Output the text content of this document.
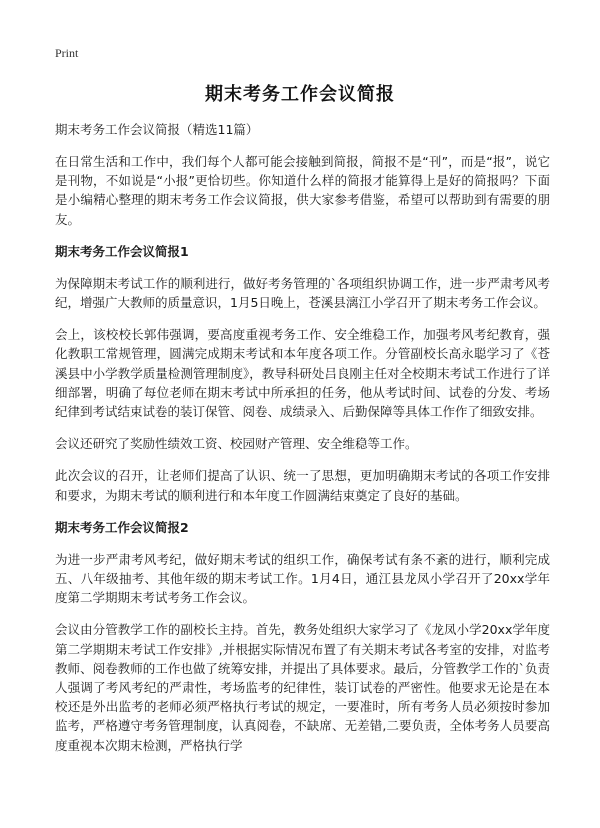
Print
期末考务工作会议简报

期末考务工作会议简报（精选11篇）

在日常生活和工作中，我们每个人都可能会接触到简报，简报不是“刊”，而是“报”，说它是刊物，不如说是“小报”更恰切些。你知道什么样的简报才能算得上是好的简报吗？下面是小编精心整理的期末考务工作会议简报，供大家参考借鉴，希望可以帮助到有需要的朋友。

期末考务工作会议简报1

为保障期末考试工作的顺利进行，做好考务管理的`各项组织协调工作，进一步严肃考风考纪，增强广大教师的质量意识，1月5日晚上，苍溪县漓江小学召开了期末考务工作会议。

会上，该校校长郭伟强调，要高度重视考务工作、安全维稳工作，加强考风考纪教育，强化教职工常规管理，圆满完成期末考试和本年度各项工作。分管副校长高永聪学习了《苍溪县中小学教学质量检测管理制度》，教导科研处吕良刚主任对全校期末考试工作进行了详细部署，明确了每位老师在期末考试中所承担的任务，他从考试时间、试卷的分发、考场纪律到考试结束试卷的装订保管、阅卷、成绩录入、后勤保障等具体工作作了细致安排。

会议还研究了奖励性绩效工资、校园财产管理、安全维稳等工作。

此次会议的召开，让老师们提高了认识、统一了思想，更加明确期末考试的各项工作安排和要求，为期末考试的顺利进行和本年度工作圆满结束奠定了良好的基础。

期末考务工作会议简报2

为进一步严肃考风考纪，做好期末考试的组织工作，确保考试有条不紊的进行，顺利完成五、八年级抽考、其他年级的期末考试工作。1月4日，通江县龙凤小学召开了20xx学年度第二学期期末考试考务工作会议。

会议由分管教学工作的副校长主持。首先，教务处组织大家学习了《龙凤小学20xx学年度第二学期期末考试工作安排》,并根据实际情况布置了有关期末考试各考室的安排，对监考教师、阅卷教师的工作也做了统筹安排，并提出了具体要求。最后，分管教学工作的`负责人强调了考风考纪的严肃性，考场监考的纪律性，装订试卷的严密性。他要求无论是在本校还是外出监考的老师必须严格执行考试的规定，一要准时，所有考务人员必须按时参加监考，严格遵守考务管理制度，认真阅卷，不缺席、无差错,二要负责，全体考务人员要高度重视本次期末检测，严格执行学
